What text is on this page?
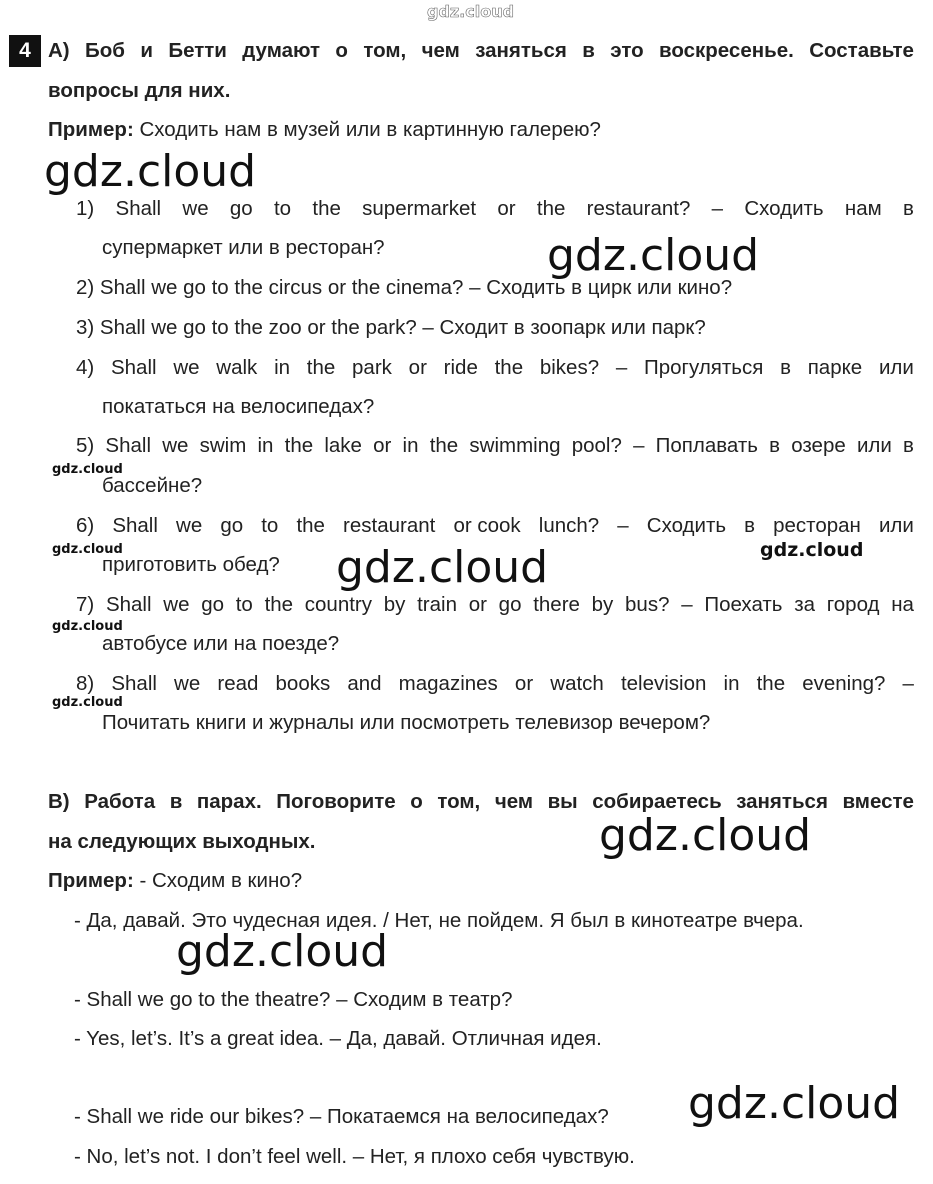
gdz.cloud
4 A) Боб и Бетти думают о том, чем заняться в это воскресенье. Составьте
вопросы для них.
Пример: Сходить нам в музей или в картинную галерею?
1) Shall we go to the supermarket or the restaurant? – Сходить нам в
супермаркет или в ресторан?
2) Shall we go to the circus or the cinema? – Сходить в цирк или кино?
3) Shall we go to the zoo or the park? – Сходит в зоопарк или парк?
4) Shall we walk in the park or ride the bikes? – Прогуляться в парке или
покататься на велосипедах?
5) Shall we swim in the lake or in the swimming pool? – Поплавать в озере или в
бассейне?
6) Shall we go to the restaurant or cook lunch? – Сходить в ресторан или
приготовить обед?
7) Shall we go to the country by train or go there by bus? – Поехать за город на
автобусе или на поезде?
8) Shall we read books and magazines or watch television in the evening? –
Почитать книги и журналы или посмотреть телевизор вечером?
B) Работа в парах. Поговорите о том, чем вы собираетесь заняться вместе
на следующих выходных.
Пример: - Сходим в кино?
- Да, давай. Это чудесная идея. / Нет, не пойдем. Я был в кинотеатре вчера.
- Shall we go to the theatre? – Сходим в театр?
- Yes, let’s. It’s a great idea. – Да, давай. Отличная идея.
- Shall we ride our bikes? – Покатаемся на велосипедах?
- No, let’s not. I don’t feel well. – Нет, я плохо себя чувствую.
gdz.cloud
gdz.cloud
gdz.cloud
gdz.cloud
gdz.cloud
gdz.cloud
gdz.cloud
gdz.cloud	gdz.cloud
gdz.cloud
gdz.cloud
